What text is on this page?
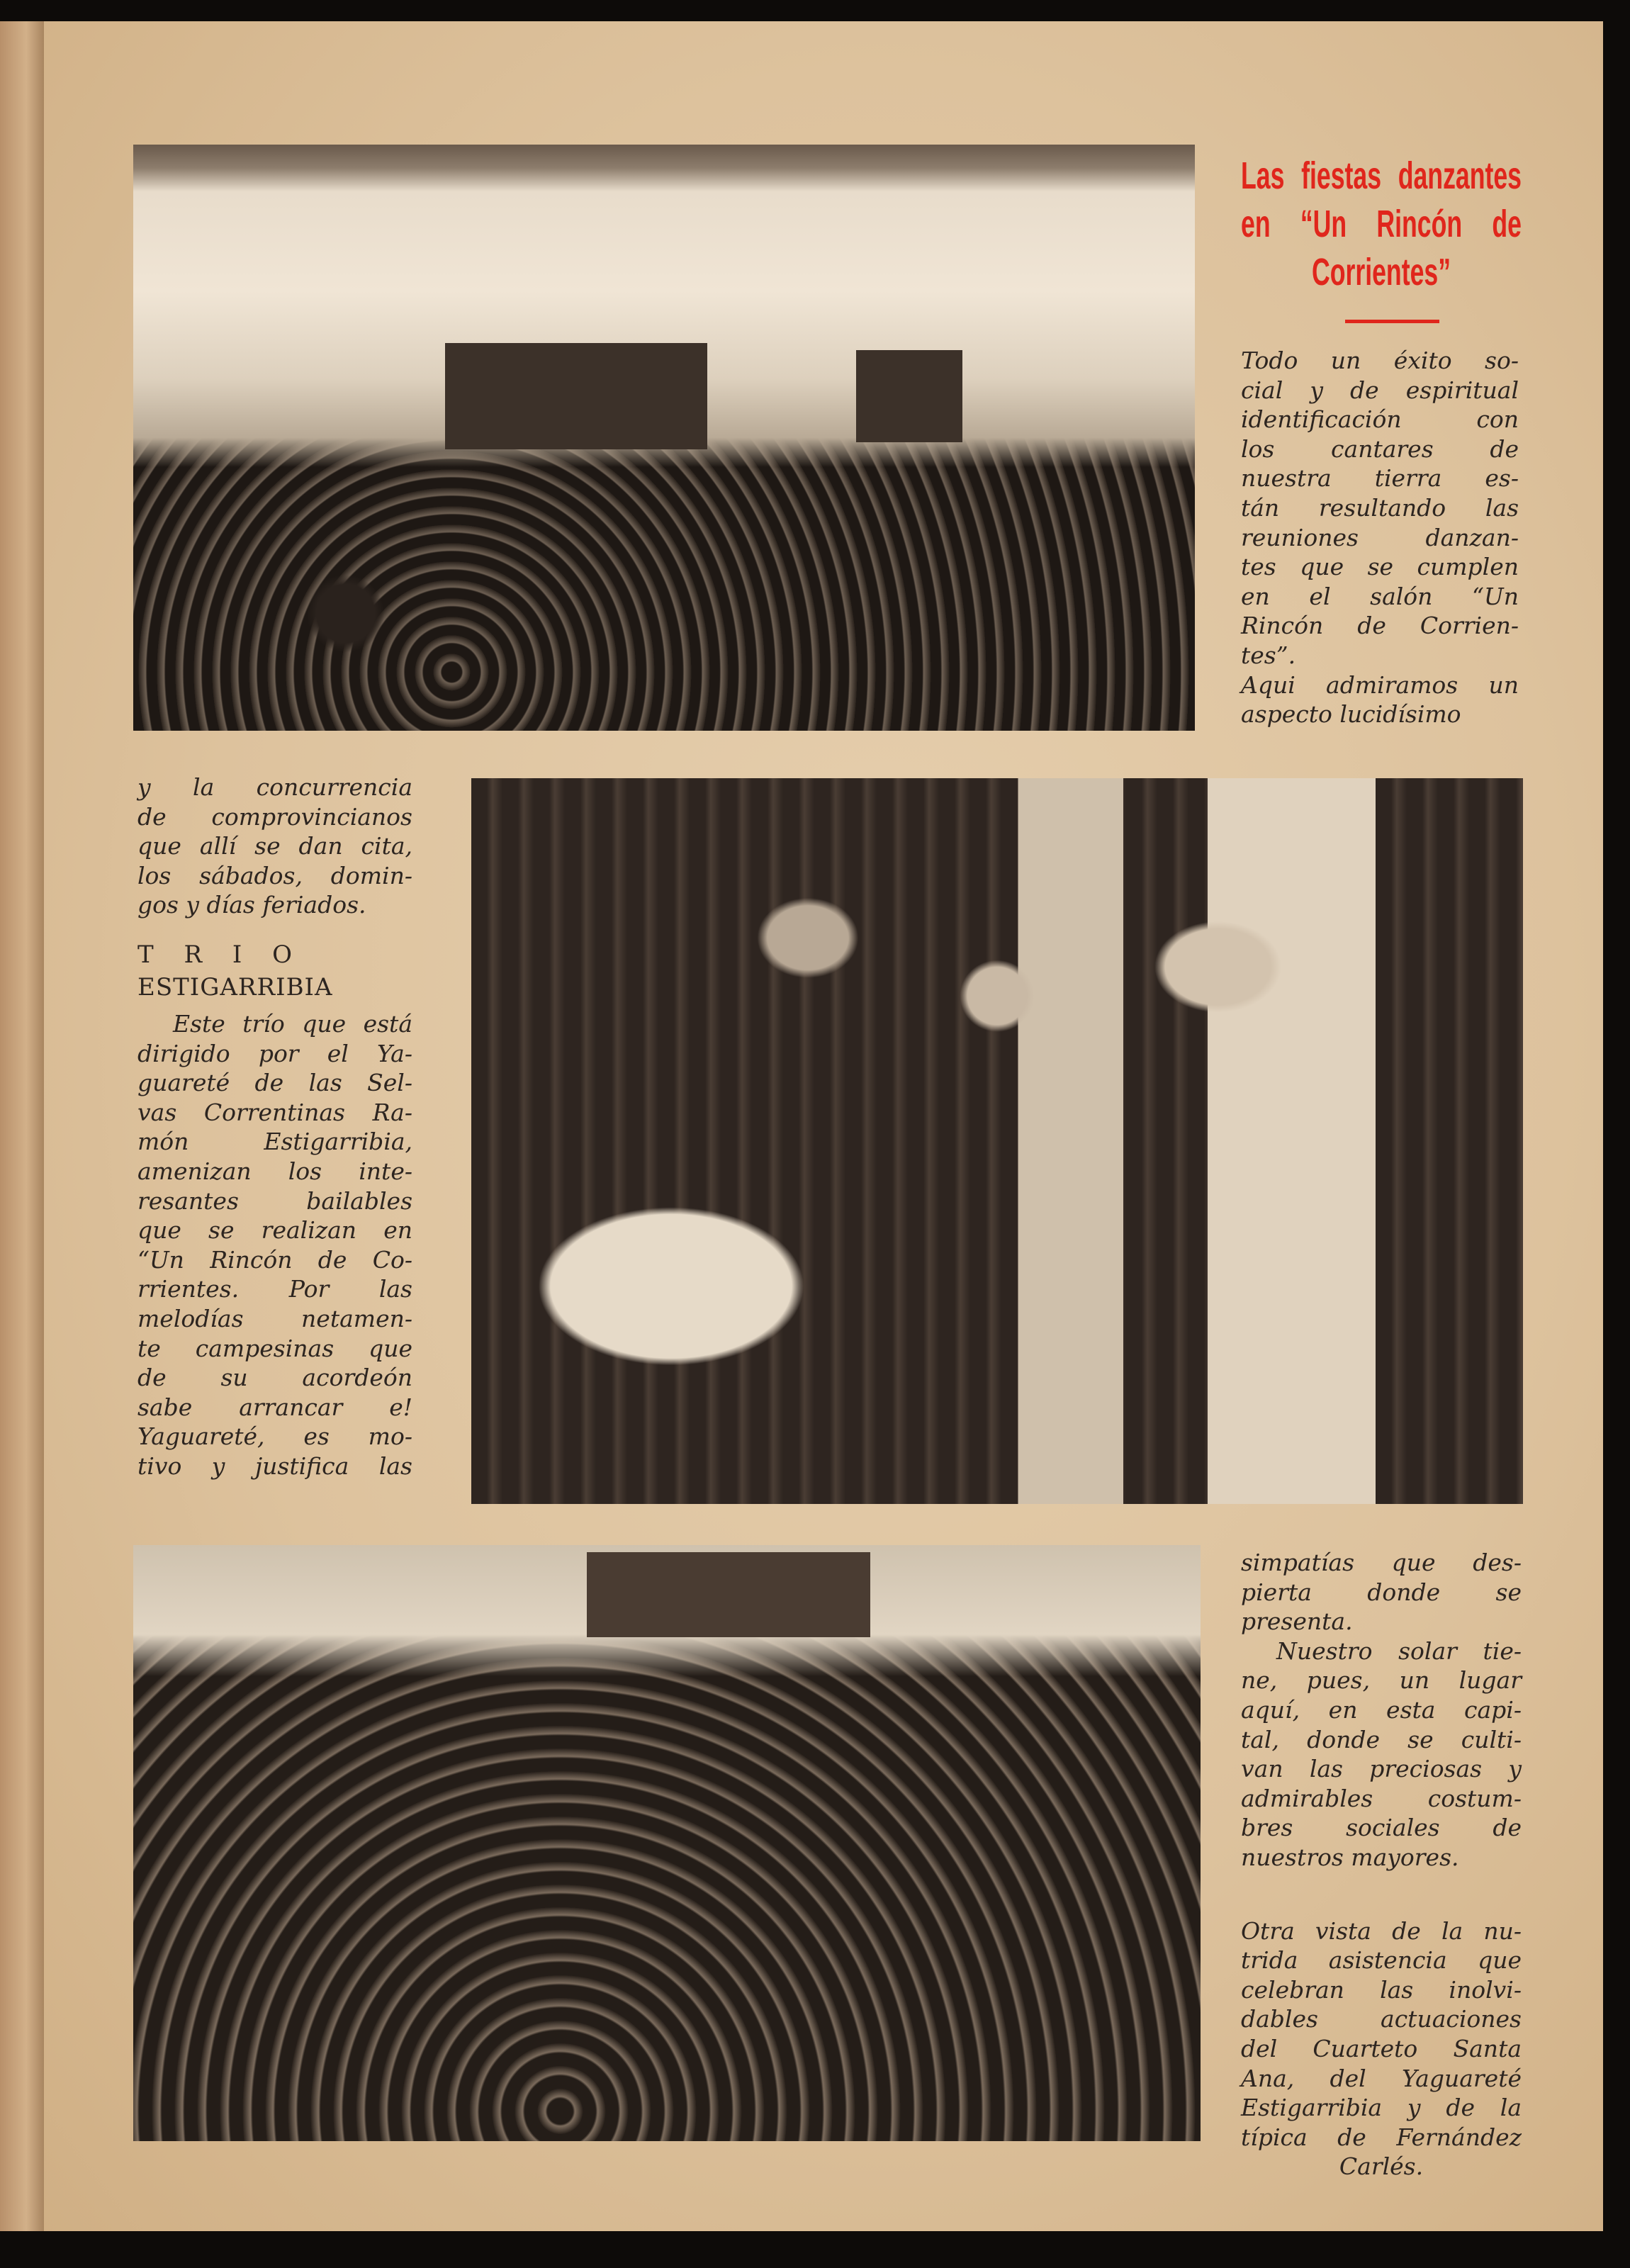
Las fiestas danzantes
en “Un Rincón de
Corrientes”
Todo un éxito so-
cial y de espiritual
identificación con
los cantares de
nuestra tierra es-
tán resultando las
reuniones danzan-
tes que se cumplen
en el salón “Un
Rincón de Corrien-
tes”.
Aqui admiramos un
aspecto lucidísimo
y la concurrencia
de comprovincianos
que allí se dan cita,
los sábados, domin-
gos y días feriados.
T R I O
ESTIGARRIBIA
Este trío que está
dirigido por el Ya-
guareté de las Sel-
vas Correntinas Ra-
món Estigarribia,
amenizan los inte-
resantes bailables
que se realizan en
“Un Rincón de Co-
rrientes. Por las
melodías netamen-
te campesinas que
de su acordeón
sabe arrancar e!
Yaguareté, es mo-
tivo y justifica las
simpatías que des-
pierta donde se
presenta.
Nuestro solar tie-
ne, pues, un lugar
aquí, en esta capi-
tal, donde se culti-
van las preciosas y
admirables costum-
bres sociales de
nuestros mayores.
Otra vista de la nu-
trida asistencia que
celebran las inolvi-
dables actuaciones
del Cuarteto Santa
Ana, del Yaguareté
Estigarribia y de la
típica de Fernández
Carlés.
